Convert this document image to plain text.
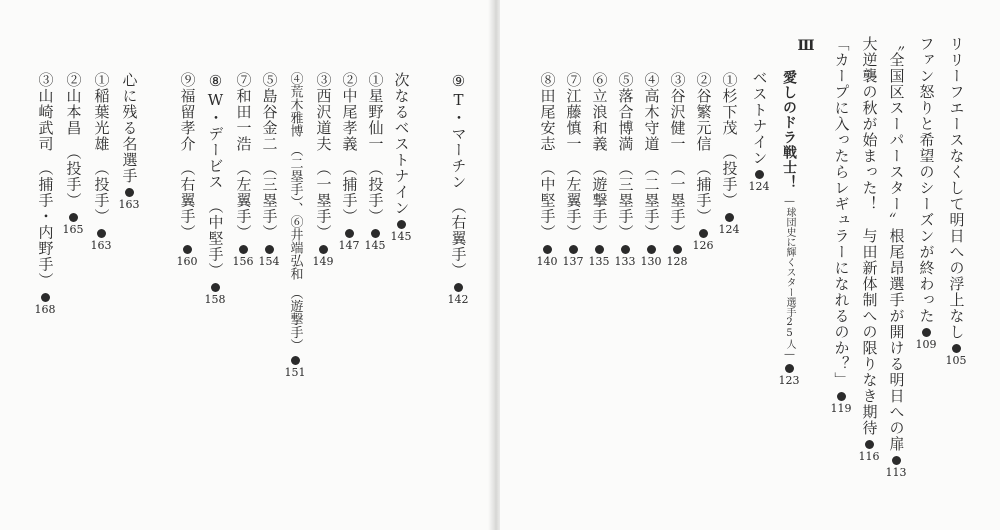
リリーフエースなくして明日への浮上なし
105
ファン怒りと希望のシーズンが終わった
109
〝全国区スーパースター〟根尾昂選手が開ける明日への扉
113
大逆襲の秋が始まった！　与田新体制への限りなき期待
116
「カープに入ったらレギュラーになれるのか？」
119
Ⅲ
愛しのドラ戦士！
―球団史に輝くスター選手25人―
123
ベストナイン
124
①杉下茂　（投手）
124
②谷繁元信　（捕手）
126
③谷沢健一　（一塁手）
128
④高木守道　（二塁手）
130
⑤落合博満　（三塁手）
133
⑥立浪和義　（遊撃手）
135
⑦江藤慎一　（左翼手）
137
⑧田尾安志　（中堅手）
140
⑨T・マーチン　（右翼手）
142
次なるベストナイン
145
①星野仙一　（投手）
145
②中尾孝義　（捕手）
147
③西沢道夫　（一塁手）
149
④荒木雅博　（二塁手）、⑥井端弘和　（遊撃手）
151
⑤島谷金二　（三塁手）
154
⑦和田一浩　（左翼手）
156
⑧W・デービス　（中堅手）
158
⑨福留孝介　（右翼手）
160
心に残る名選手
163
①稲葉光雄　（投手）
163
②山本昌　（投手）
165
③山崎武司　（捕手・内野手）
168
